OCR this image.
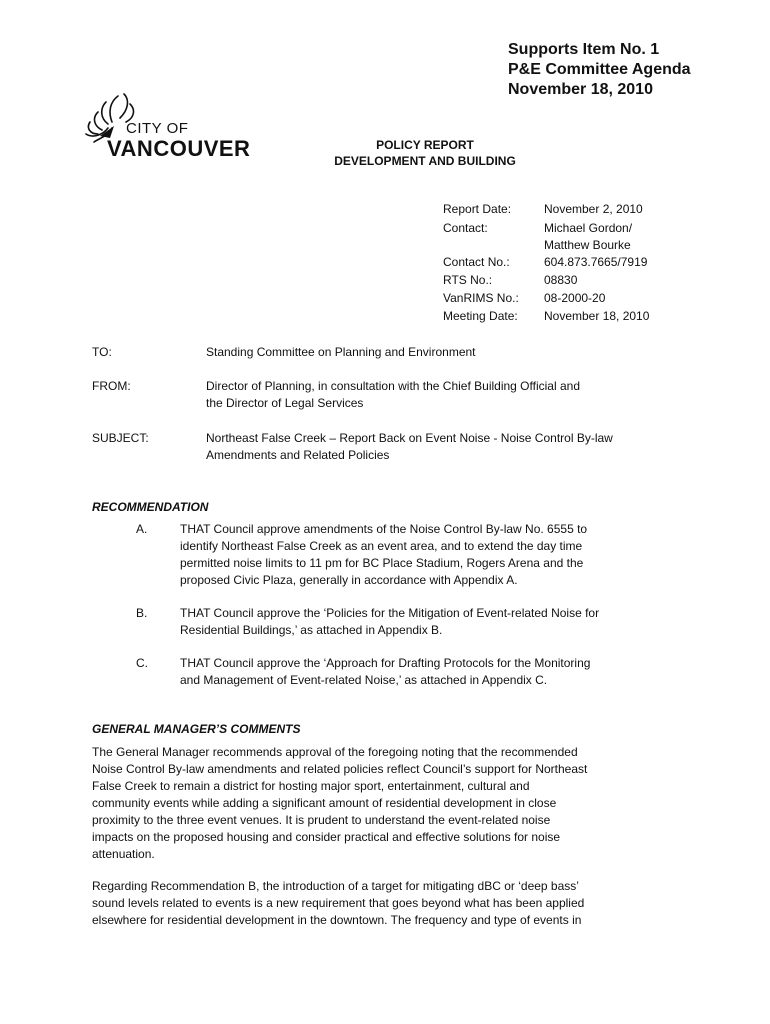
Supports Item No. 1
P&E Committee Agenda
November 18, 2010
CITY OF
VANCOUVER	POLICY REPORT
DEVELOPMENT AND BUILDING
Report Date:	November 2, 2010
Contact:	Michael Gordon/
Matthew Bourke
Contact No.:	604.873.7665/7919
RTS No.:	08830
VanRIMS No.:	08-2000-20
Meeting Date:	November 18, 2010
TO:	Standing Committee on Planning and Environment
FROM:	Director of Planning, in consultation with the Chief Building Official and
the Director of Legal Services
SUBJECT:	Northeast False Creek – Report Back on Event Noise - Noise Control By-law
Amendments and Related Policies
RECOMMENDATION
A.	THAT Council approve amendments of the Noise Control By-law No. 6555 to
identify Northeast False Creek as an event area, and to extend the day time
permitted noise limits to 11 pm for BC Place Stadium, Rogers Arena and the
proposed Civic Plaza, generally in accordance with Appendix A.
B.	THAT Council approve the ‘Policies for the Mitigation of Event-related Noise for
Residential Buildings,’ as attached in Appendix B.
C.	THAT Council approve the ‘Approach for Drafting Protocols for the Monitoring
and Management of Event-related Noise,’ as attached in Appendix C.
GENERAL MANAGER’S COMMENTS

The General Manager recommends approval of the foregoing noting that the recommended

Noise Control By-law amendments and related policies reflect Council’s support for Northeast

False Creek to remain a district for hosting major sport, entertainment, cultural and

community events while adding a significant amount of residential development in close

proximity to the three event venues. It is prudent to understand the event-related noise

impacts on the proposed housing and consider practical and effective solutions for noise

attenuation.

Regarding Recommendation B, the introduction of a target for mitigating dBC or ‘deep bass’

sound levels related to events is a new requirement that goes beyond what has been applied

elsewhere for residential development in the downtown. The frequency and type of events in
